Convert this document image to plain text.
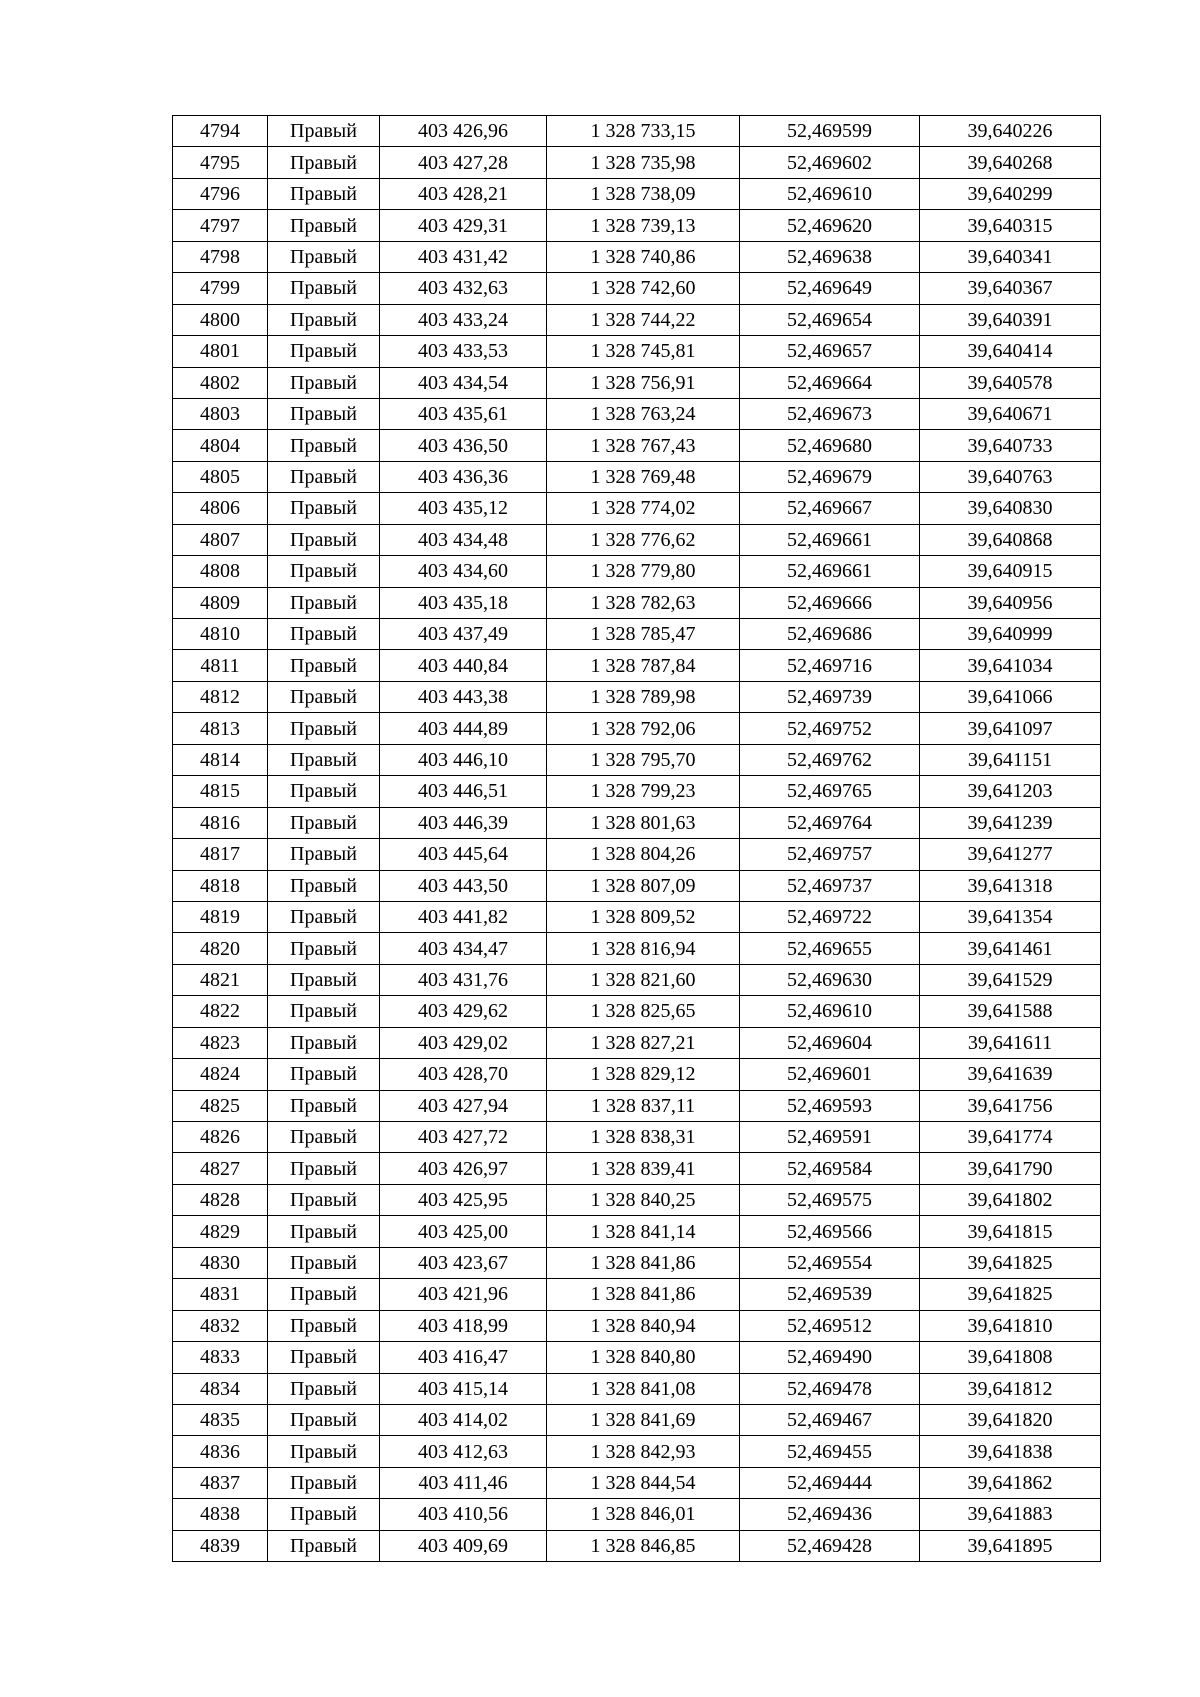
4794	Правый	403 426,96	1 328 733,15	52,469599	39,640226
4795	Правый	403 427,28	1 328 735,98	52,469602	39,640268
4796	Правый	403 428,21	1 328 738,09	52,469610	39,640299
4797	Правый	403 429,31	1 328 739,13	52,469620	39,640315
4798	Правый	403 431,42	1 328 740,86	52,469638	39,640341
4799	Правый	403 432,63	1 328 742,60	52,469649	39,640367
4800	Правый	403 433,24	1 328 744,22	52,469654	39,640391
4801	Правый	403 433,53	1 328 745,81	52,469657	39,640414
4802	Правый	403 434,54	1 328 756,91	52,469664	39,640578
4803	Правый	403 435,61	1 328 763,24	52,469673	39,640671
4804	Правый	403 436,50	1 328 767,43	52,469680	39,640733
4805	Правый	403 436,36	1 328 769,48	52,469679	39,640763
4806	Правый	403 435,12	1 328 774,02	52,469667	39,640830
4807	Правый	403 434,48	1 328 776,62	52,469661	39,640868
4808	Правый	403 434,60	1 328 779,80	52,469661	39,640915
4809	Правый	403 435,18	1 328 782,63	52,469666	39,640956
4810	Правый	403 437,49	1 328 785,47	52,469686	39,640999
4811	Правый	403 440,84	1 328 787,84	52,469716	39,641034
4812	Правый	403 443,38	1 328 789,98	52,469739	39,641066
4813	Правый	403 444,89	1 328 792,06	52,469752	39,641097
4814	Правый	403 446,10	1 328 795,70	52,469762	39,641151
4815	Правый	403 446,51	1 328 799,23	52,469765	39,641203
4816	Правый	403 446,39	1 328 801,63	52,469764	39,641239
4817	Правый	403 445,64	1 328 804,26	52,469757	39,641277
4818	Правый	403 443,50	1 328 807,09	52,469737	39,641318
4819	Правый	403 441,82	1 328 809,52	52,469722	39,641354
4820	Правый	403 434,47	1 328 816,94	52,469655	39,641461
4821	Правый	403 431,76	1 328 821,60	52,469630	39,641529
4822	Правый	403 429,62	1 328 825,65	52,469610	39,641588
4823	Правый	403 429,02	1 328 827,21	52,469604	39,641611
4824	Правый	403 428,70	1 328 829,12	52,469601	39,641639
4825	Правый	403 427,94	1 328 837,11	52,469593	39,641756
4826	Правый	403 427,72	1 328 838,31	52,469591	39,641774
4827	Правый	403 426,97	1 328 839,41	52,469584	39,641790
4828	Правый	403 425,95	1 328 840,25	52,469575	39,641802
4829	Правый	403 425,00	1 328 841,14	52,469566	39,641815
4830	Правый	403 423,67	1 328 841,86	52,469554	39,641825
4831	Правый	403 421,96	1 328 841,86	52,469539	39,641825
4832	Правый	403 418,99	1 328 840,94	52,469512	39,641810
4833	Правый	403 416,47	1 328 840,80	52,469490	39,641808
4834	Правый	403 415,14	1 328 841,08	52,469478	39,641812
4835	Правый	403 414,02	1 328 841,69	52,469467	39,641820
4836	Правый	403 412,63	1 328 842,93	52,469455	39,641838
4837	Правый	403 411,46	1 328 844,54	52,469444	39,641862
4838	Правый	403 410,56	1 328 846,01	52,469436	39,641883
4839	Правый	403 409,69	1 328 846,85	52,469428	39,641895
